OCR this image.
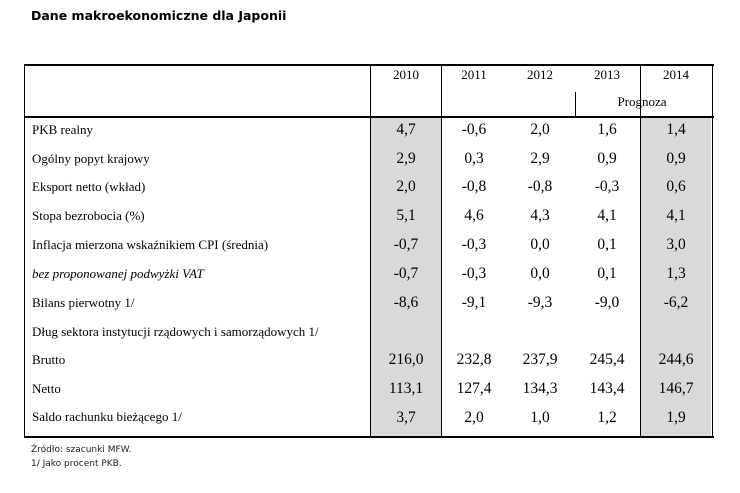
Dane makroekonomiczne dla Japonii
2010	2011	2012	2013	2014
Prognoza
PKB realny	4,7	-0,6	2,0	1,6	1,4
Ogólny popyt krajowy	2,9	0,3	2,9	0,9	0,9
Eksport netto (wkład)	2,0	-0,8	-0,8	-0,3	0,6
Stopa bezrobocia (%)	5,1	4,6	4,3	4,1	4,1
Inflacja mierzona wskaźnikiem CPI (średnia)	-0,7	-0,3	0,0	0,1	3,0
bez proponowanej podwyżki VAT	-0,7	-0,3	0,0	0,1	1,3
Bilans pierwotny 1/	-8,6	-9,1	-9,3	-9,0	-6,2
Dług sektora instytucji rządowych i samorządowych 1/
Brutto	216,0	232,8	237,9	245,4	244,6
Netto	113,1	127,4	134,3	143,4	146,7
Saldo rachunku bieżącego 1/	3,7	2,0	1,0	1,2	1,9
Źródło: szacunki MFW.
1/ Jako procent PKB.
